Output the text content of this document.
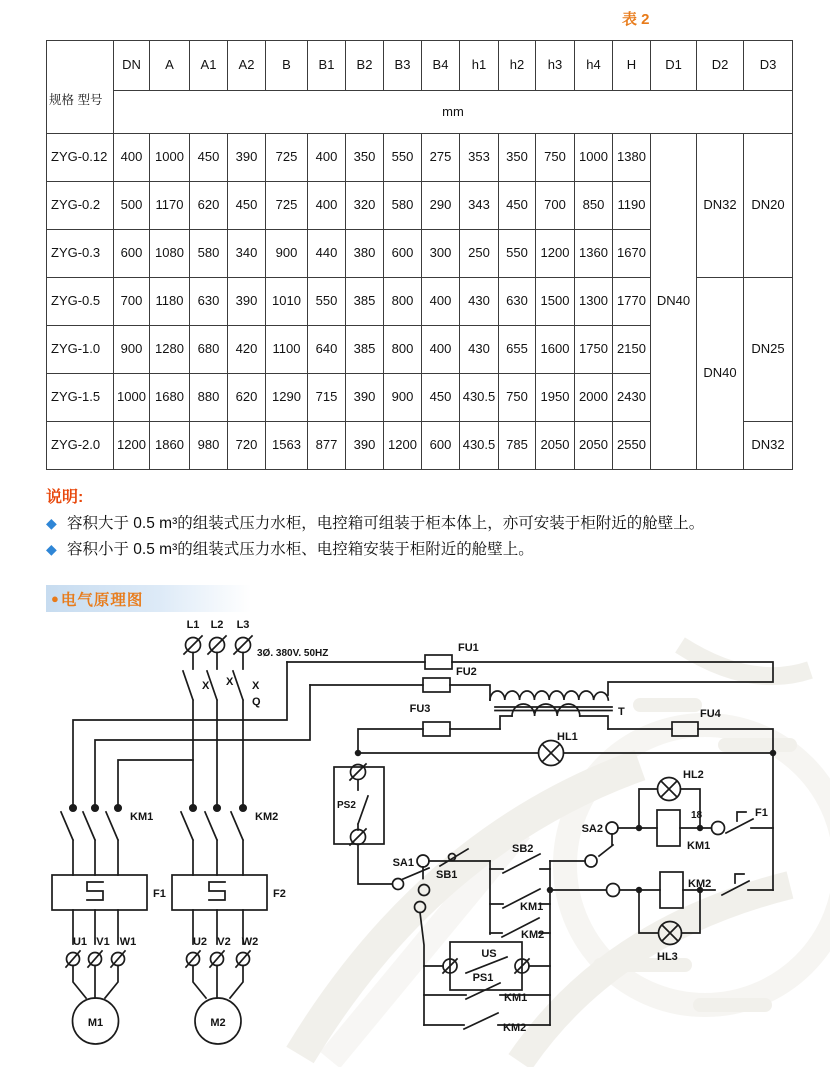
表 2
规格 型号	DN	A	A1	A2	B	B1	B2	B3	B4	h1	h2	h3	h4	H	D1	D2	D3
	mm																
ZYG-0.12	400	1000	450	390	725	400	350	550	275	353	350	750	1000	1380	DN40	DN32	DN20
ZYG-0.2	500	1170	620	450	725	400	320	580	290	343	450	700	850	1190			
ZYG-0.3	600	1080	580	340	900	440	380	600	300	250	550	1200	1360	1670			
ZYG-0.5	700	1180	630	390	1010	550	385	800	400	430	630	1500	1300	1770		DN40	DN25
ZYG-1.0	900	1280	680	420	1100	640	385	800	400	430	655	1600	1750	2150			
ZYG-1.5	1000	1680	880	620	1290	715	390	900	450	430.5	750	1950	2000	2430			
ZYG-2.0	1200	1860	980	720	1563	877	390	1200	600	430.5	785	2050	2050	2550			DN32
说明:
◆ 容积大于 0.5 m³的组装式压力水柜，电控箱可组装于柜本体上，亦可安装于柜附近的舱壁上。
◆ 容积小于 0.5 m³的组装式压力水柜、电控箱安装于柜附近的舱壁上。
● 电气原理图
L1 L2 L3
3Ø. 380V. 50HZ
X X X
Q
KM1	KM2
F1	F2
U1 V1 W1	U2 V2 W2
M1	M2
FU1
FU2
FU3	FU4
T
HL1
PS2
SA1
SB1
SB2
KM1
KM2
SA2
HL2
18	F1
KM1
KM2
HL3
US
PS1
KM1
KM2
